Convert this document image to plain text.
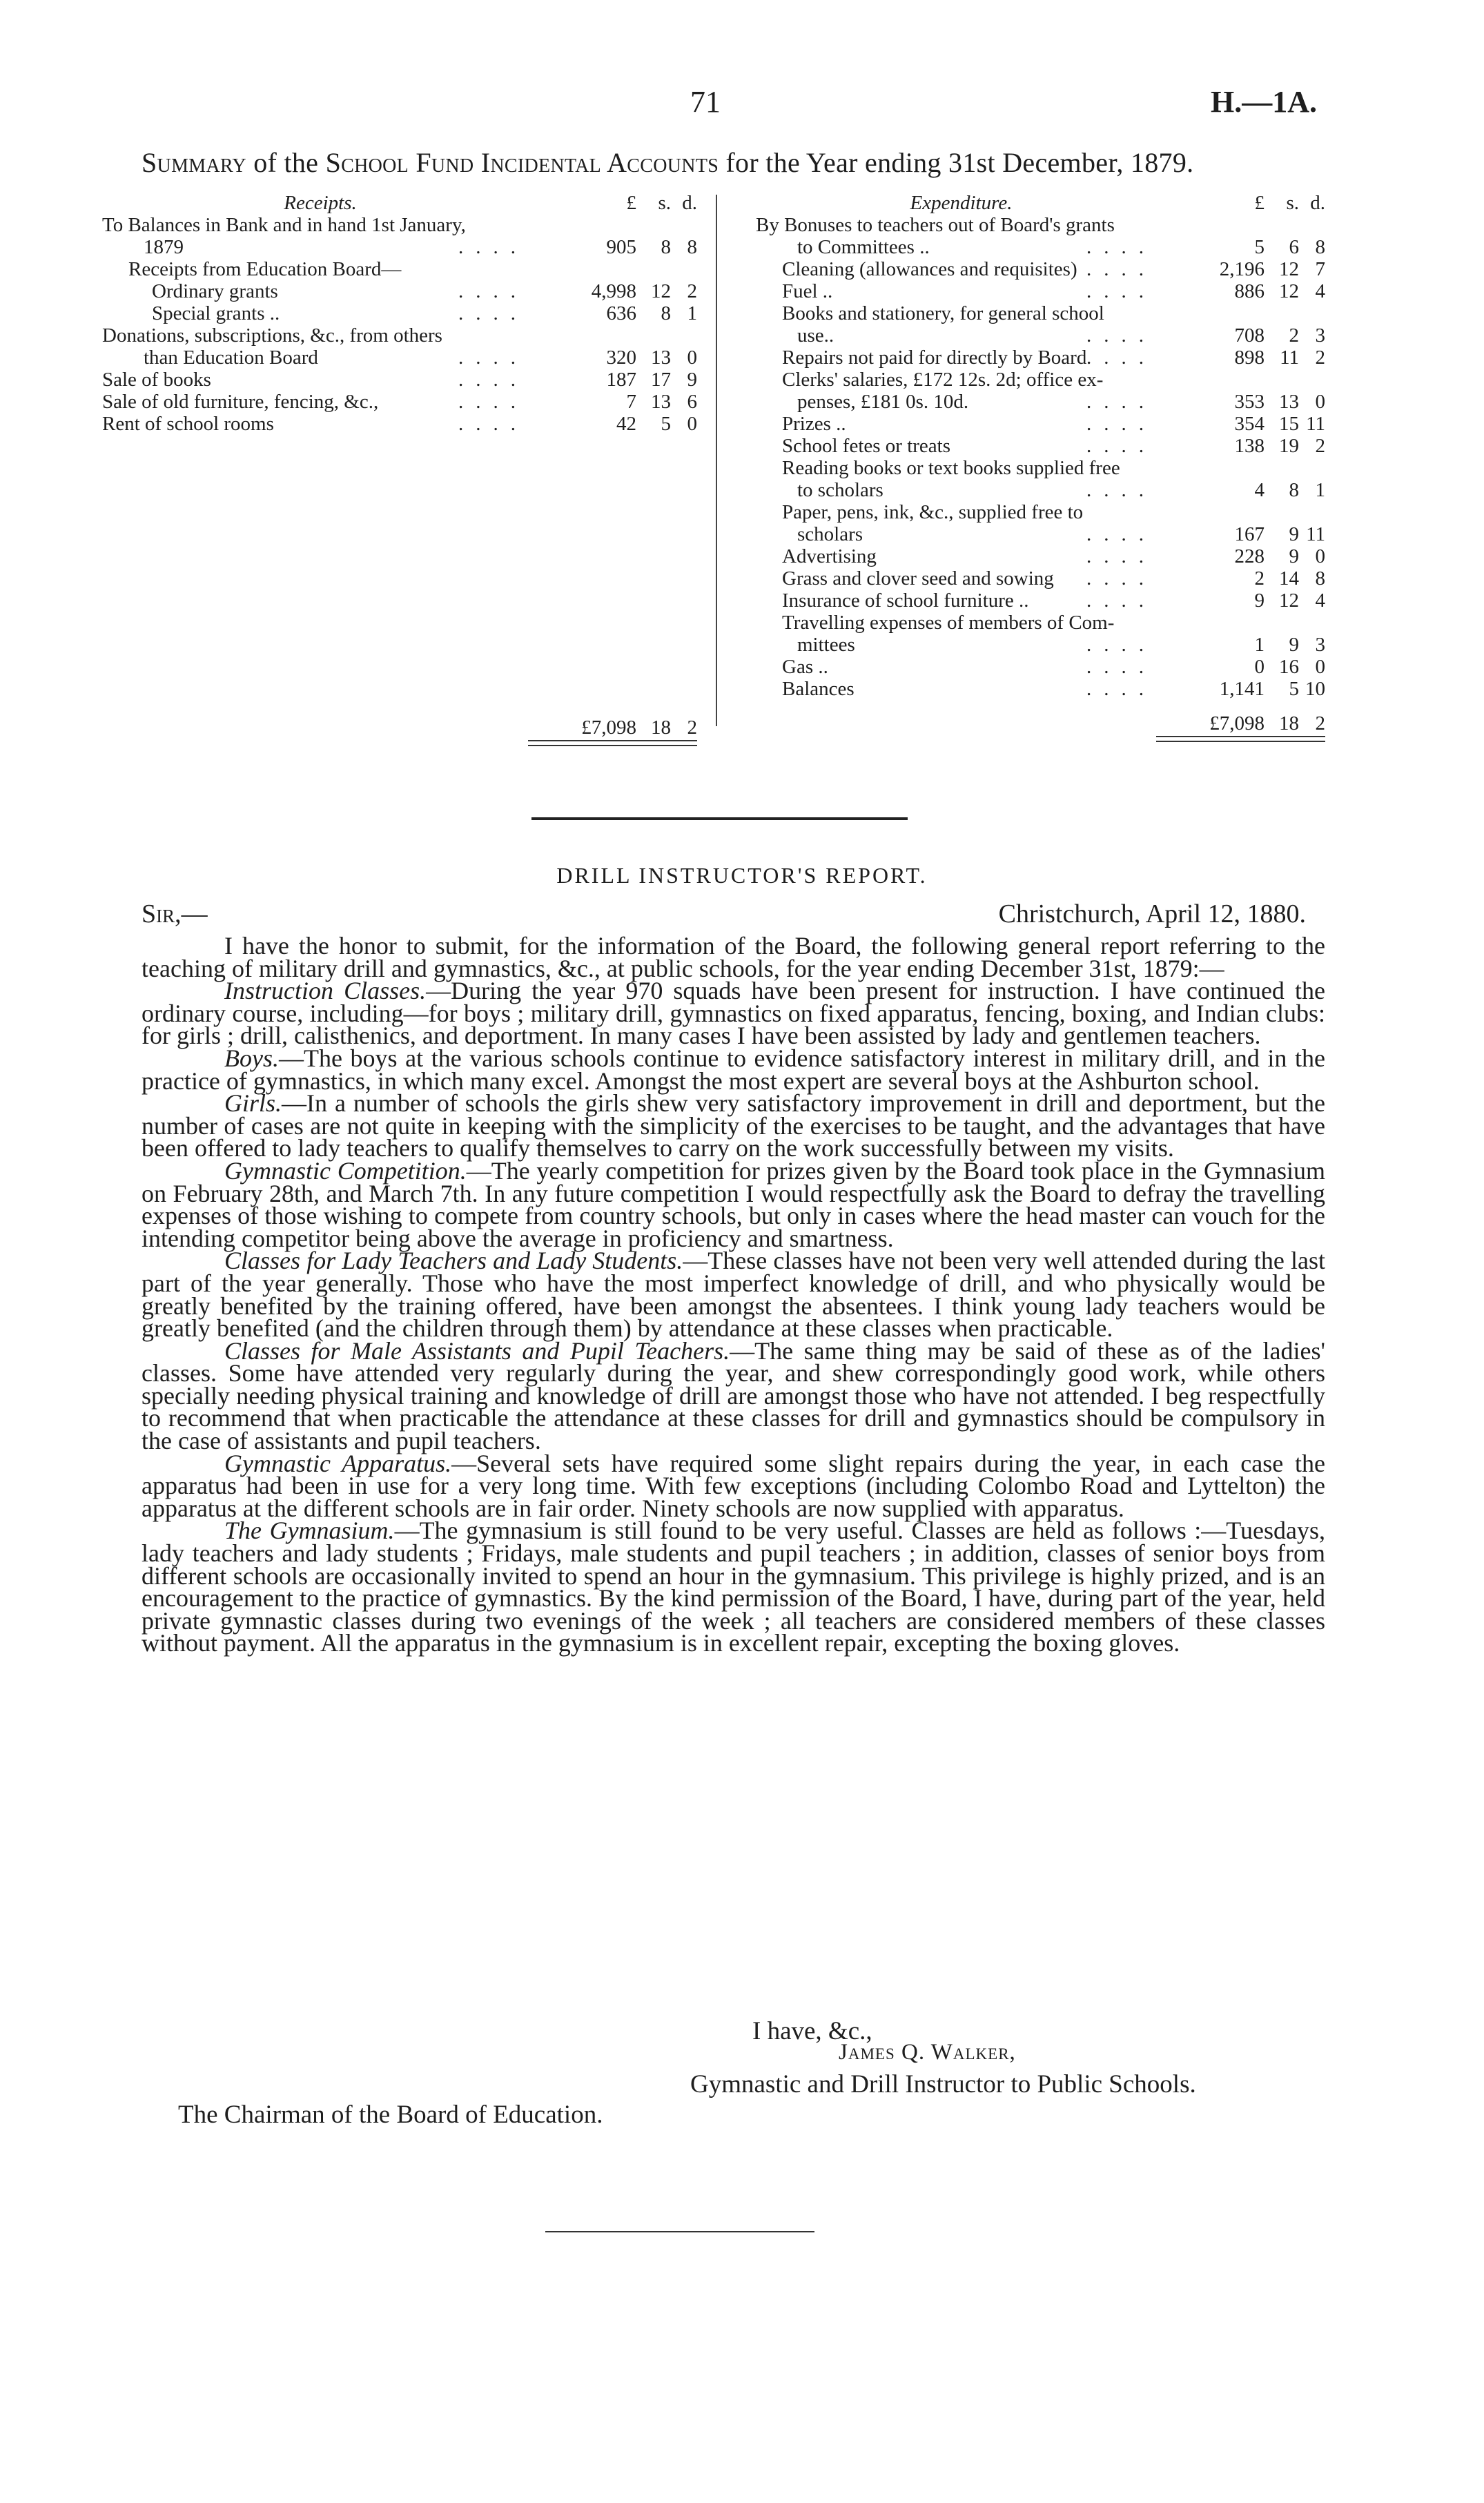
71	H.—1A.
Summary of the School Fund Incidental Accounts for the Year ending 31st December, 1879.
Receipts.	£	s. d.
To Balances in Bank and in hand 1st January,
1879	....	905	8 8
Receipts from Education Board—
Ordinary grants	....	4,998 12 2
Special grants ..	....	636	8 1
Donations, subscriptions, &c., from others
than Education Board	....	320 13 0
Sale of books	....	187 17 9
Sale of old furniture, fencing, &c.,	....	7 13 6
Rent of school rooms	....	42	5 0
£7,098 18 2
Expenditure.	£	s. d.
By Bonuses to teachers out of Board's grants
to Committees ..	....	5	6 8
Cleaning (allowances and requisites) ....	2,196 12 7
Fuel ..	....	886 12 4
Books and stationery, for general school
use..	....	708	2 3
Repairs not paid for directly by Board ....	898 11 2
Clerks' salaries, £172 12s. 2d; office ex-
penses, £181 0s. 10d.	....	353 13 0
Prizes ..	....	354 15 11
School fetes or treats	....	138 19 2
Reading books or text books supplied free
to scholars	....	4	8 1
Paper, pens, ink, &c., supplied free to
scholars	....	167	9 11
Advertising	....	228	9 0
Grass and clover seed and sowing ....	2 14 8
Insurance of school furniture ..	....	9 12 4
Travelling expenses of members of Com-
mittees	....	1	9 3
Gas ..	....	0 16 0
Balances	....	1,141	5 10
£7,098 18 2
DRILL INSTRUCTOR'S REPORT.
Sir,—	Christchurch, April 12, 1880.

I have the honor to submit, for the information of the Board, the following general report referring to the teaching of military drill and gymnastics, &c., at public schools, for the year ending December 31st, 1879:—

Instruction Classes.—During the year 970 squads have been present for instruction. I have continued the ordinary course, including—for boys ; military drill, gymnastics on fixed apparatus, fencing, boxing, and Indian clubs: for girls ; drill, calisthenics, and deportment. In many cases I have been assisted by lady and gentlemen teachers.

Boys.—The boys at the various schools continue to evidence satisfactory interest in military drill, and in the practice of gymnastics, in which many excel. Amongst the most expert are several boys at the Ashburton school.

Girls.—In a number of schools the girls shew very satisfactory improvement in drill and deportment, but the number of cases are not quite in keeping with the simplicity of the exercises to be taught, and the advantages that have been offered to lady teachers to qualify themselves to carry on the work successfully between my visits.

Gymnastic Competition.—The yearly competition for prizes given by the Board took place in the Gymnasium on February 28th, and March 7th. In any future competition I would respectfully ask the Board to defray the travelling expenses of those wishing to compete from country schools, but only in cases where the head master can vouch for the intending competitor being above the average in proficiency and smartness.

Classes for Lady Teachers and Lady Students.—These classes have not been very well attended during the last part of the year generally. Those who have the most imperfect knowledge of drill, and who physically would be greatly benefited by the training offered, have been amongst the absentees. I think young lady teachers would be greatly benefited (and the children through them) by attendance at these classes when practicable.

Classes for Male Assistants and Pupil Teachers.—The same thing may be said of these as of the ladies' classes. Some have attended very regularly during the year, and shew correspondingly good work, while others specially needing physical training and knowledge of drill are amongst those who have not attended. I beg respectfully to recommend that when practicable the attendance at these classes for drill and gymnastics should be compulsory in the case of assistants and pupil teachers.

Gymnastic Apparatus.—Several sets have required some slight repairs during the year, in each case the apparatus had been in use for a very long time. With few exceptions (including Colombo Road and Lyttelton) the apparatus at the different schools are in fair order. Ninety schools are now supplied with apparatus.

The Gymnasium.—The gymnasium is still found to be very useful. Classes are held as follows :—Tuesdays, lady teachers and lady students ; Fridays, male students and pupil teachers ; in addition, classes of senior boys from different schools are occasionally invited to spend an hour in the gymnasium. This privilege is highly prized, and is an encouragement to the practice of gymnastics. By the kind permission of the Board, I have, during part of the year, held private gymnastic classes during two evenings of the week ; all teachers are considered members of these classes without payment. All the apparatus in the gymnasium is in excellent repair, excepting the boxing gloves.

I have, &c.,
James Q. Walker,
Gymnastic and Drill Instructor to Public Schools.
The Chairman of the Board of Education.
